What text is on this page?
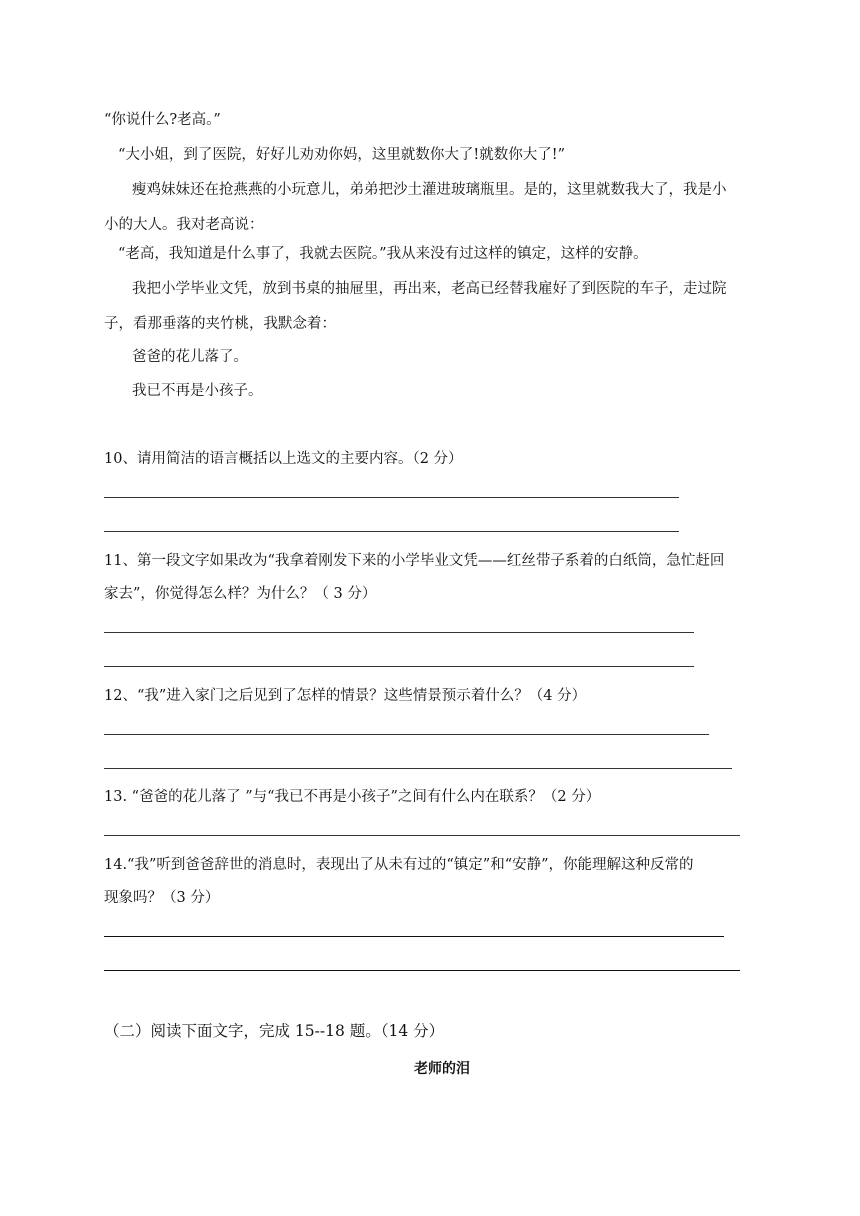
“你说什么?老高。”
“大小姐，到了医院，好好儿劝劝你妈，这里就数你大了!就数你大了!”
瘦鸡妹妹还在抢燕燕的小玩意儿，弟弟把沙土灌进玻璃瓶里。是的，这里就数我大了，我是小
小的大人。我对老高说：
“老高，我知道是什么事了，我就去医院。”我从来没有过这样的镇定，这样的安静。
我把小学毕业文凭，放到书桌的抽屉里，再出来，老高已经替我雇好了到医院的车子，走过院
子，看那垂落的夹竹桃，我默念着：
爸爸的花儿落了。
我已不再是小孩子。
10、请用简洁的语言概括以上选文的主要内容。（2 分）
11、第一段文字如果改为“我拿着刚发下来的小学毕业文凭——红丝带子系着的白纸筒，急忙赶回
家去”，你觉得怎么样？为什么？（ 3 分）
12、“我”进入家门之后见到了怎样的情景？这些情景预示着什么？（4 分）
13. “爸爸的花儿落了 ”与“我已不再是小孩子”之间有什么内在联系？（2 分）
14.“我”听到爸爸辞世的消息时，表现出了从未有过的“镇定”和“安静”，你能理解这种反常的
现象吗？（3 分）
（二）阅读下面文字，完成 15--18 题。（14 分）
老师的泪
